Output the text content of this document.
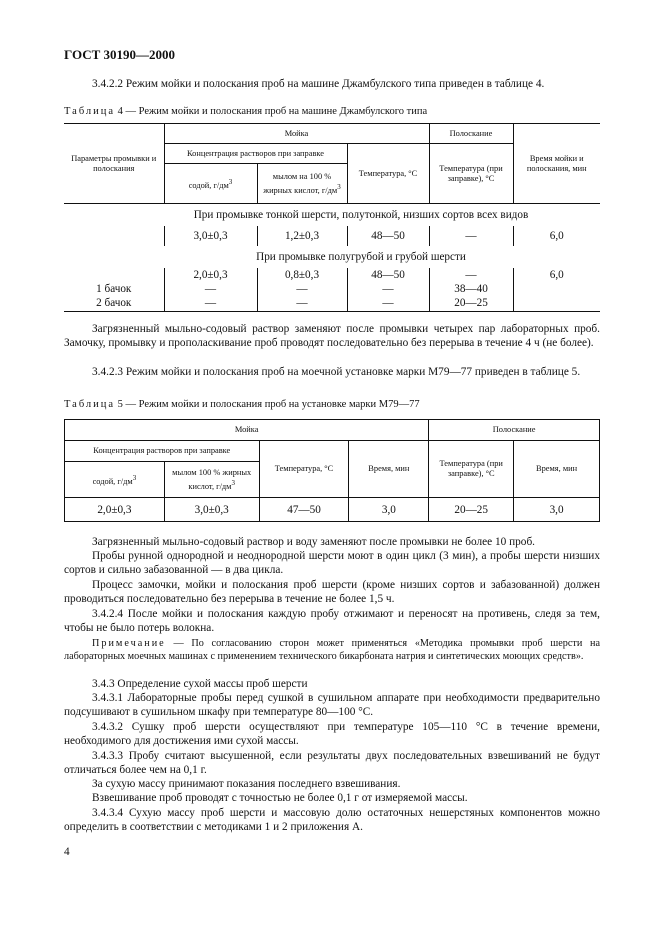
ГОСТ 30190—2000
3.4.2.2 Режим мойки и полоскания проб на машине Джамбулского типа приведен в таблице 4.
Таблица 4 — Режим мойки и полоскания проб на машине Джамбулского типа
Параметры промывки и полоскания	Мойка			Полоскание	Время мойки и полоскания, мин
	Концентрация растворов при заправке		Температура, °С	Температура (при заправке), °С	
	содой, $г/дм^3$	мылом на 100 % жирных кислот, $г/дм^3$
При промывке тонкой шерсти, полутонкой, низших сортов всех видов					
	3,0±0,3	1,2±0,3	48—50	—	6,0
При промывке полугрубой и грубой шерсти					
	2,0±0,3	0,8±0,3	48—50	—	6,0
1 бачок	—	—	—	38—40	
2 бачок	—	—	—	20—25	
Загрязненный мыльно-содовый раствор заменяют после промывки четырех пар лабораторных проб. Замочку, промывку и прополаскивание проб проводят последовательно без перерыва в течение 4 ч (не более).
3.4.2.3 Режим мойки и полоскания проб на моечной установке марки М79—77 приведен в таблице 5.
Таблица 5 — Режим мойки и полоскания проб на установке марки М79—77
Мойка				Полоскание	
Концентрация растворов при заправке		Температура, °С	Время, мин	Температура (при заправке), °С	Время, мин
содой, $г/дм^3$	мылом 100 % жирных кислот, $г/дм^3$
2,0±0,3	3,0±0,3	47—50	3,0	20—25	3,0
Загрязненный мыльно-содовый раствор и воду заменяют после промывки не более 10 проб.
Пробы рунной однородной и неоднородной шерсти моют в один цикл (3 мин), а пробы шерсти низших сортов и сильно забазованной — в два цикла.
Процесс замочки, мойки и полоскания проб шерсти (кроме низших сортов и забазованной) должен проводиться последовательно без перерыва в течение не более 1,5 ч.
3.4.2.4 После мойки и полоскания каждую пробу отжимают и переносят на противень, следя за тем, чтобы не было потерь волокна.
Примечание — По согласованию сторон может применяться «Методика промывки проб шерсти на лабораторных моечных машинах с применением технического бикарбоната натрия и синтетических моющих средств».
3.4.3 Определение сухой массы проб шерсти
3.4.3.1 Лабораторные пробы перед сушкой в сушильном аппарате при необходимости предварительно подсушивают в сушильном шкафу при температуре 80—100 °С.
3.4.3.2 Сушку проб шерсти осуществляют при температуре 105—110 °С в течение времени, необходимого для достижения ими сухой массы.
3.4.3.3 Пробу считают высушенной, если результаты двух последовательных взвешиваний не будут отличаться более чем на 0,1 г.
За сухую массу принимают показания последнего взвешивания.
Взвешивание проб проводят с точностью не более 0,1 г от измеряемой массы.
3.4.3.4 Сухую массу проб шерсти и массовую долю остаточных нешерстяных компонентов можно определить в соответствии с методиками 1 и 2 приложения А.
4
